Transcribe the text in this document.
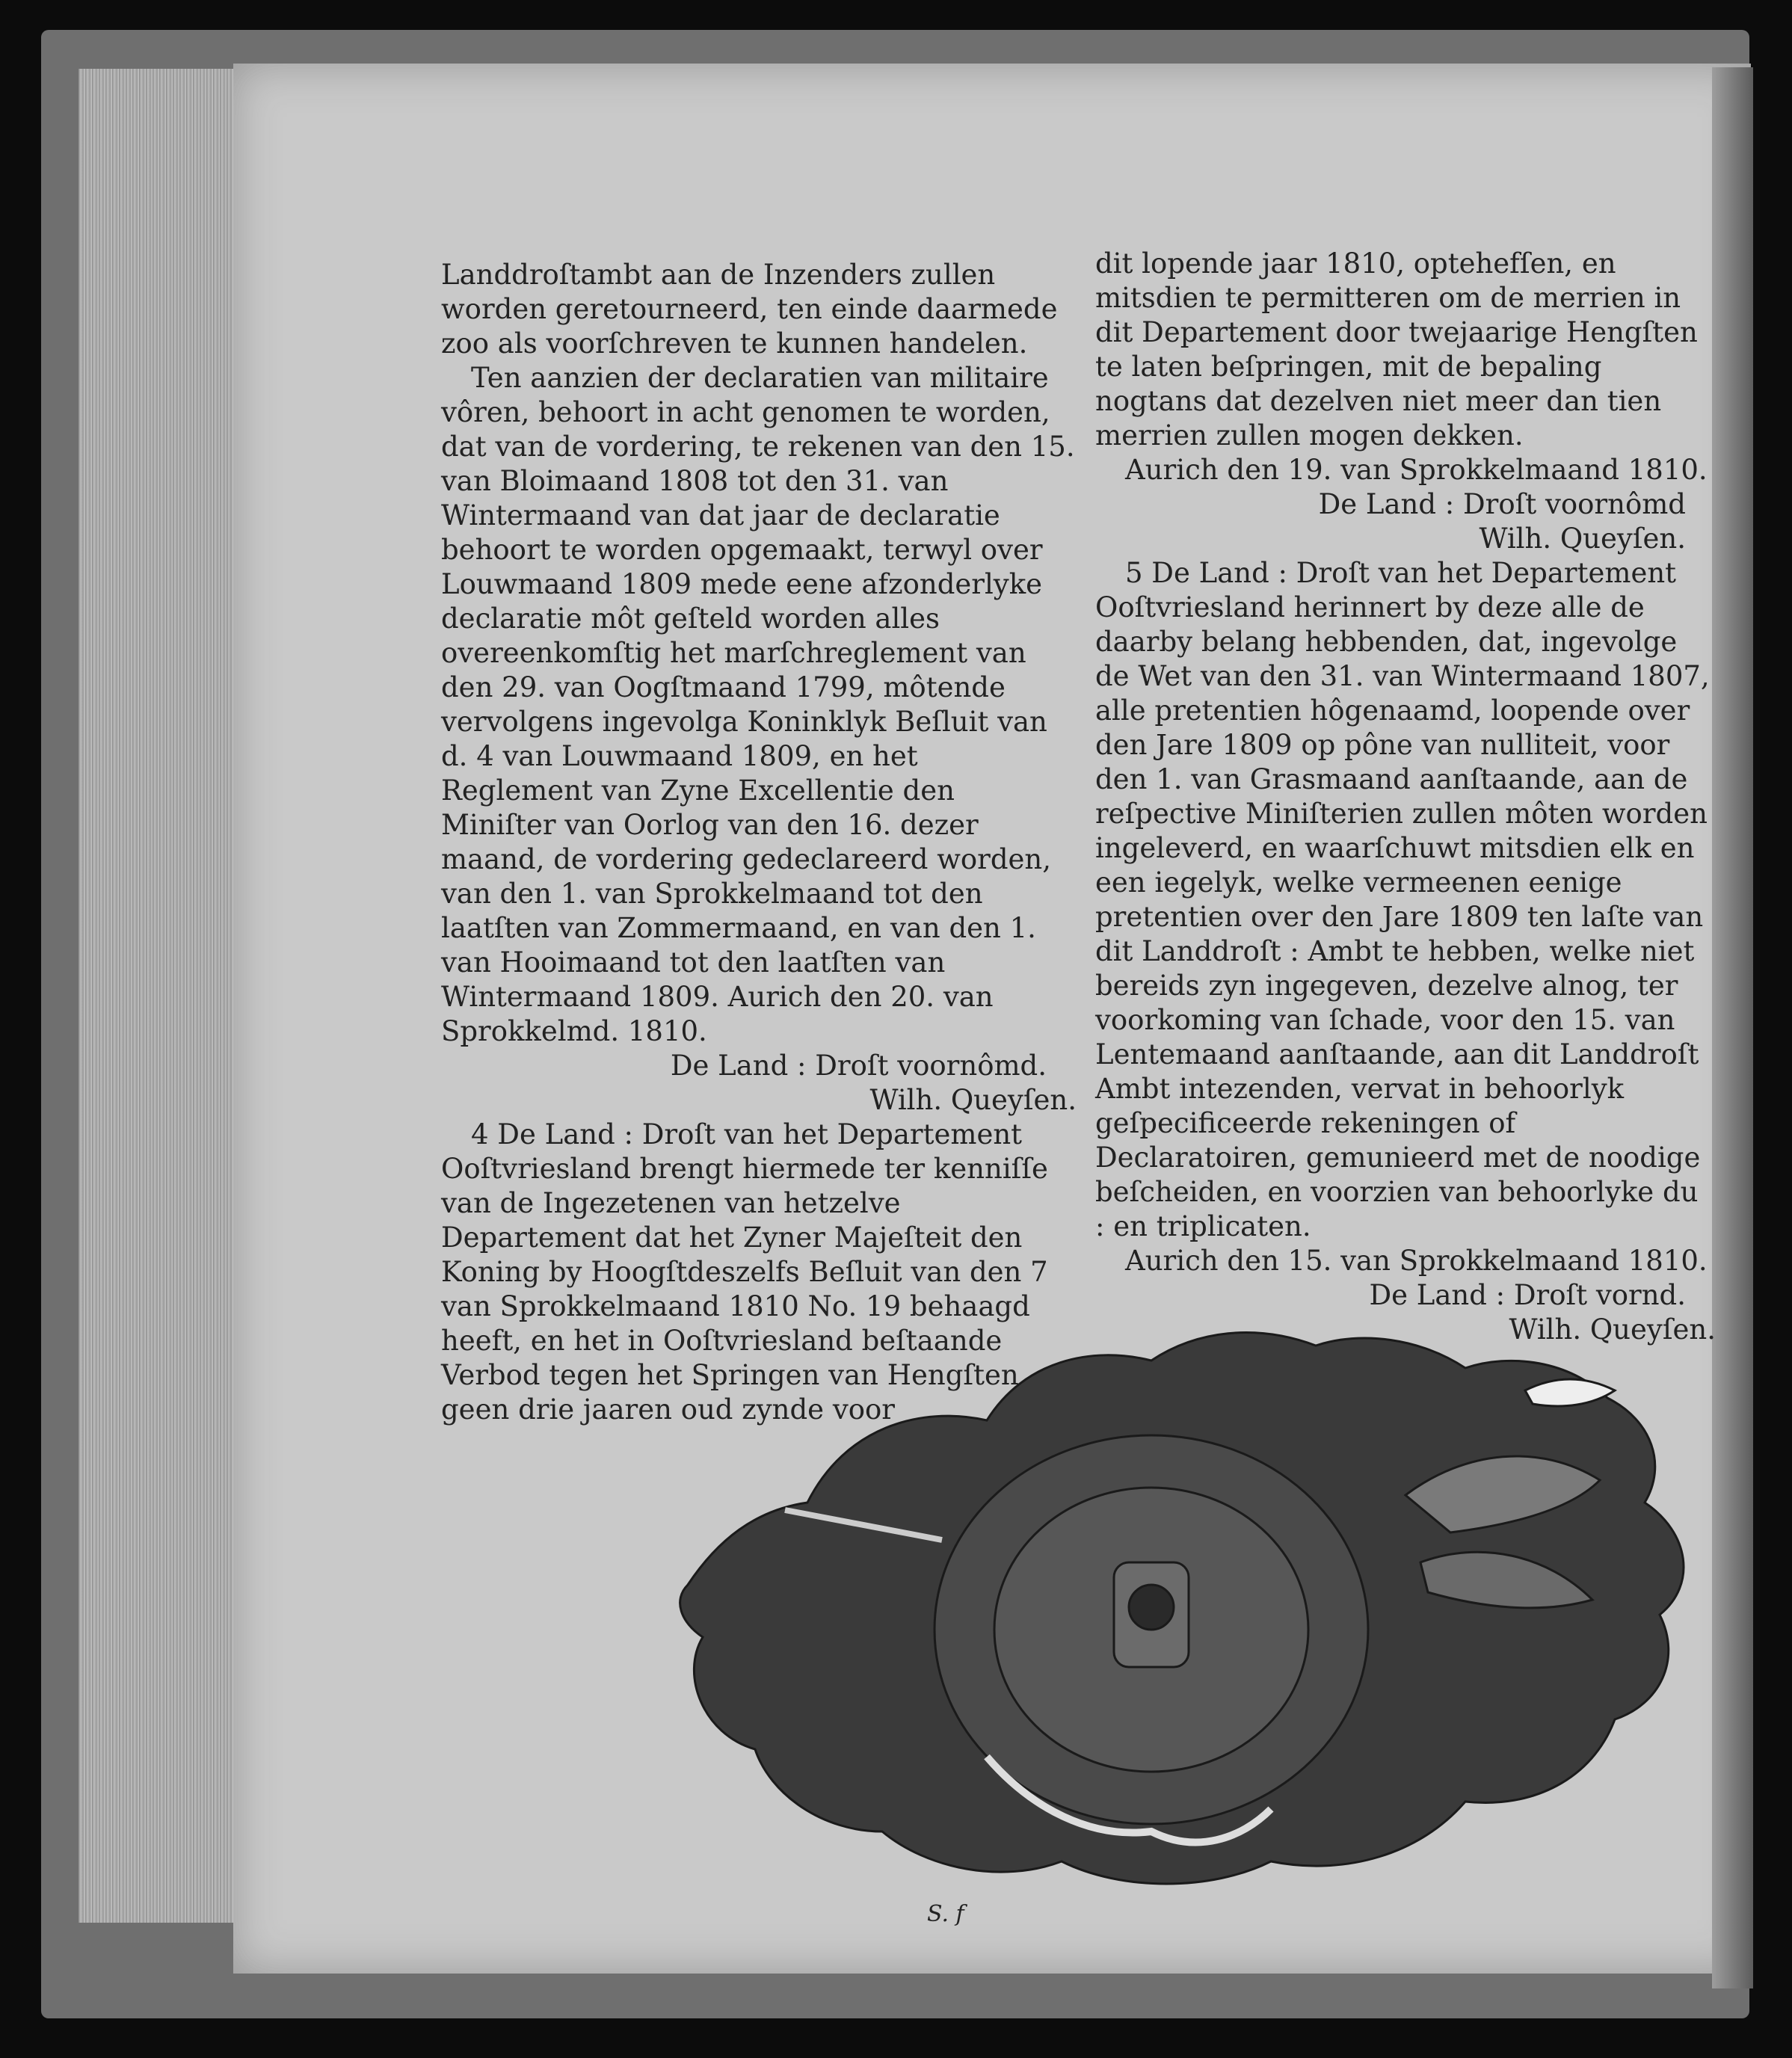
Landdroſtambt aan de Inzenders zullen worden geretourneerd, ten einde daarmede zoo als voorſchreven te kunnen handelen.

Ten aanzien der declaratien van militaire vôren, behoort in acht genomen te worden, dat van de vordering, te rekenen van den 15. van Bloimaand 1808 tot den 31. van Wintermaand van dat jaar de declaratie behoort te worden opgemaakt, terwyl over Louwmaand 1809 mede eene afzonderlyke declaratie môt geſteld worden alles overeenkomſtig het marſchreglement van den 29. van Oogſtmaand 1799, môtende vervolgens ingevolga Koninklyk Beſluit van d. 4 van Louwmaand 1809, en het Reglement van Zyne Excellentie den Miniſter van Oorlog van den 16. dezer maand, de vordering gedeclareerd worden, van den 1. van Sprokkelmaand tot den laatſten van Zommermaand, en van den 1. van Hooimaand tot den laatſten van Wintermaand 1809. Aurich den 20. van Sprokkelmd. 1810.

De Land : Droſt voornômd.

Wilh. Queyſen.

4 De Land : Droſt van het Departement Ooſtvriesland brengt hiermede ter kenniſſe van de Ingezetenen van hetzelve Departement dat het Zyner Majeſteit den Koning by Hoogſtdeszelfs Beſluit van den 7 van Sprokkelmaand 1810 No. 19 behaagd heeft, en het in Ooſtvriesland beſtaande Verbod tegen het Springen van Hengſten geen drie jaaren oud zynde voor

dit lopende jaar 1810, optehefſen, en mitsdien te permitteren om de merrien in dit Departement door twejaarige Hengſten te laten beſpringen, mit de bepaling nogtans dat dezelven niet meer dan tien merrien zullen mogen dekken.

Aurich den 19. van Sprokkelmaand 1810.

De Land : Droſt voornômd

Wilh. Queyſen.

5 De Land : Droſt van het Departement Ooſtvriesland herinnert by deze alle de daarby belang hebbenden, dat, ingevolge de Wet van den 31. van Wintermaand 1807, alle pretentien hôgenaamd, loopende over den Jare 1809 op pône van nulliteit, voor den 1. van Grasmaand aanſtaande, aan de reſpective Miniſterien zullen môten worden ingeleverd, en waarſchuwt mitsdien elk en een iegelyk, welke vermeenen eenige pretentien over den Jare 1809 ten laſte van dit Landdroſt : Ambt te hebben, welke niet bereids zyn ingegeven, dezelve alnog, ter voorkoming van ſchade, voor den 15. van Lentemaand aanſtaande, aan dit Landdroſt Ambt intezenden, vervat in behoorlyk geſpecificeerde rekeningen of Declaratoiren, gemunieerd met de noodige beſcheiden, en voorzien van behoorlyke du : en triplicaten.

Aurich den 15. van Sprokkelmaand 1810.

De Land : Droſt vornd.

Wilh. Queyſen.

S. f
